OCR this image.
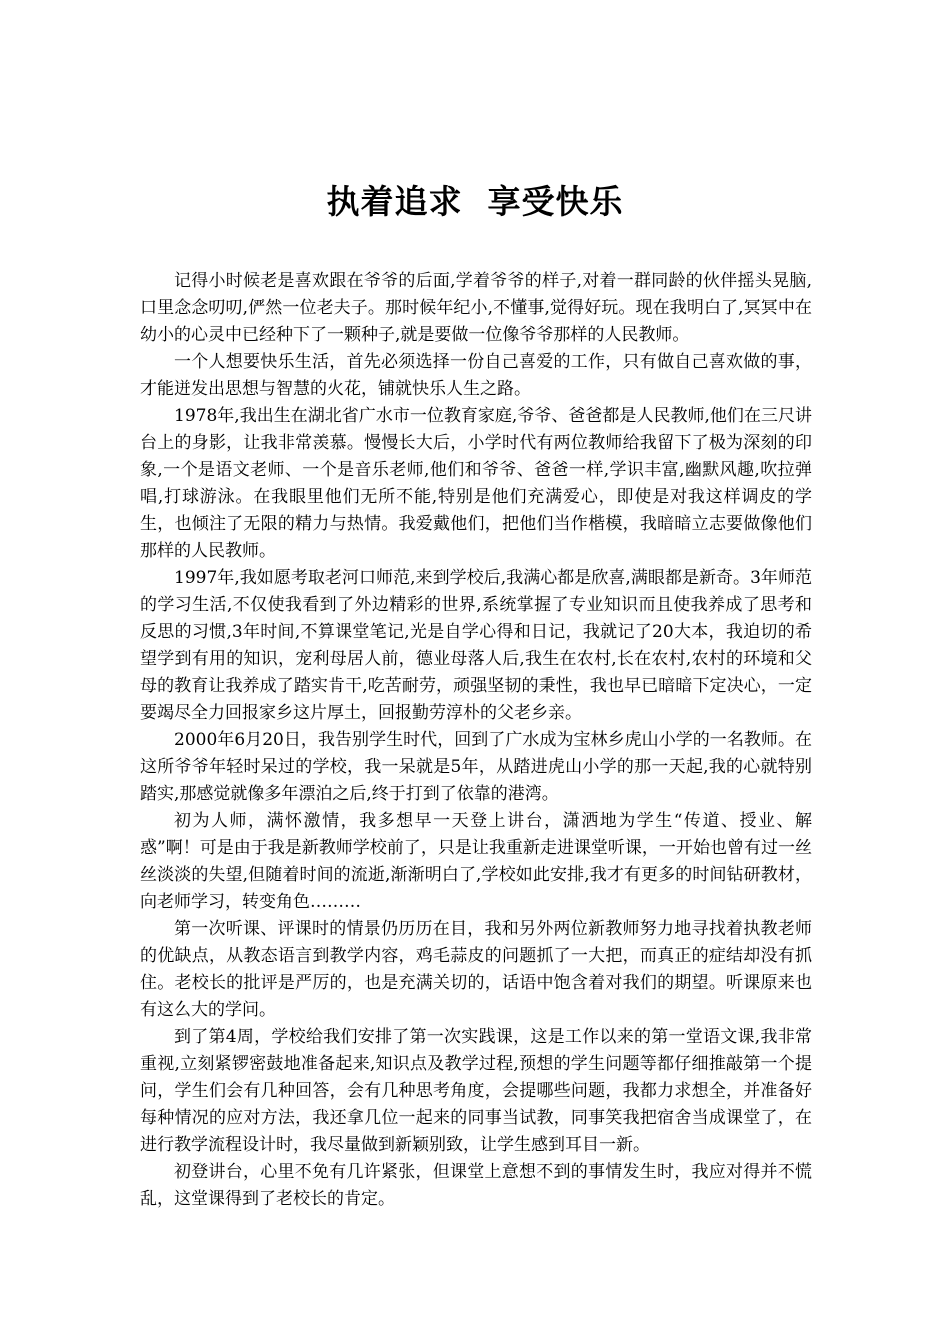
执着追求  享受快乐

记得小时候老是喜欢跟在爷爷的后面,学着爷爷的样子,对着一群同龄的伙伴摇头晃脑,口里念念叨叨,俨然一位老夫子。那时候年纪小,不懂事,觉得好玩。现在我明白了,冥冥中在幼小的心灵中已经种下了一颗种子,就是要做一位像爷爷那样的人民教师。

一个人想要快乐生活，首先必须选择一份自己喜爱的工作，只有做自己喜欢做的事，才能迸发出思想与智慧的火花，铺就快乐人生之路。

1978年,我出生在湖北省广水市一位教育家庭,爷爷、爸爸都是人民教师,他们在三尺讲台上的身影，让我非常羡慕。慢慢长大后，小学时代有两位教师给我留下了极为深刻的印象,一个是语文老师、一个是音乐老师,他们和爷爷、爸爸一样,学识丰富,幽默风趣,吹拉弹唱,打球游泳。在我眼里他们无所不能,特别是他们充满爱心，即使是对我这样调皮的学生，也倾注了无限的精力与热情。我爱戴他们，把他们当作楷模，我暗暗立志要做像他们那样的人民教师。

1997年,我如愿考取老河口师范,来到学校后,我满心都是欣喜,满眼都是新奇。3年师范的学习生活,不仅使我看到了外边精彩的世界,系统掌握了专业知识而且使我养成了思考和反思的习惯,3年时间,不算课堂笔记,光是自学心得和日记，我就记了20大本，我迫切的希望学到有用的知识，宠利母居人前，德业母落人后,我生在农村,长在农村,农村的环境和父母的教育让我养成了踏实肯干,吃苦耐劳，顽强坚韧的秉性，我也早已暗暗下定决心，一定要竭尽全力回报家乡这片厚土，回报勤劳淳朴的父老乡亲。

2000年6月20日，我告别学生时代，回到了广水成为宝林乡虎山小学的一名教师。在这所爷爷年轻时呆过的学校，我一呆就是5年，从踏进虎山小学的那一天起,我的心就特别踏实,那感觉就像多年漂泊之后,终于打到了依靠的港湾。

初为人师，满怀激情，我多想早一天登上讲台，潇洒地为学生“传道、授业、解惑”啊！可是由于我是新教师学校前了，只是让我重新走进课堂听课，一开始也曾有过一丝丝淡淡的失望,但随着时间的流逝,渐渐明白了,学校如此安排,我才有更多的时间钻研教材，向老师学习，转变角色………

第一次听课、评课时的情景仍历历在目，我和另外两位新教师努力地寻找着执教老师的优缺点，从教态语言到教学内容，鸡毛蒜皮的问题抓了一大把，而真正的症结却没有抓住。老校长的批评是严厉的，也是充满关切的，话语中饱含着对我们的期望。听课原来也有这么大的学问。

到了第4周，学校给我们安排了第一次实践课，这是工作以来的第一堂语文课,我非常重视,立刻紧锣密鼓地准备起来,知识点及教学过程,预想的学生问题等都仔细推敲第一个提问，学生们会有几种回答，会有几种思考角度，会提哪些问题，我都力求想全，并准备好每种情况的应对方法，我还拿几位一起来的同事当试教，同事笑我把宿舍当成课堂了，在进行教学流程设计时，我尽量做到新颖别致，让学生感到耳目一新。

初登讲台，心里不免有几许紧张，但课堂上意想不到的事情发生时，我应对得并不慌乱，这堂课得到了老校长的肯定。
